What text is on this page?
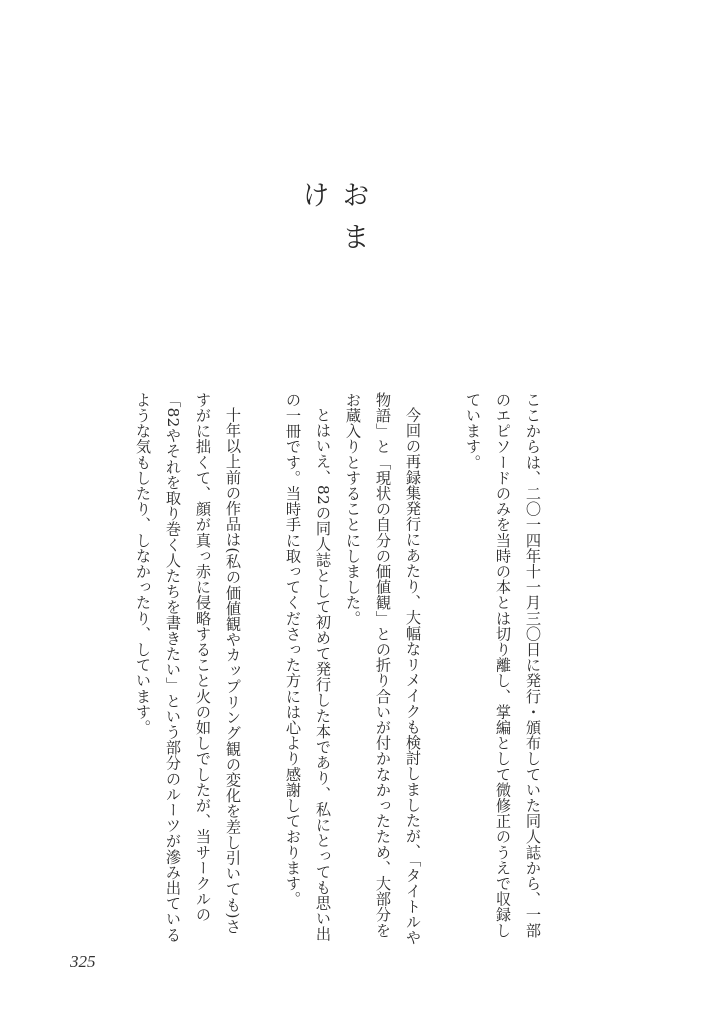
おまけ

ここからは、二〇一四年十一月三〇日に発行・頒布していた同人誌から、一部のエピソードのみを当時の本とは切り離し、掌編として微修正のうえで収録しています。

今回の再録集発行にあたり、大幅なリメイクも検討しましたが、「タイトルや物語」と「現状の自分の価値観」との折り合いが付かなかったため、大部分をお蔵入りとすることにしました。

とはいえ、82の同人誌として初めて発行した本であり、私にとっても思い出の一冊です。当時手に取ってくださった方には心より感謝しております。

十年以上前の作品は(私の価値観やカップリング観の変化を差し引いても)さすがに拙くて、顔が真っ赤に侵略すること火の如しでしたが、当サークルの「82やそれを取り巻く人たちを書きたい」という部分のルーツが滲み出ているような気もしたり、しなかったり、しています。

325
